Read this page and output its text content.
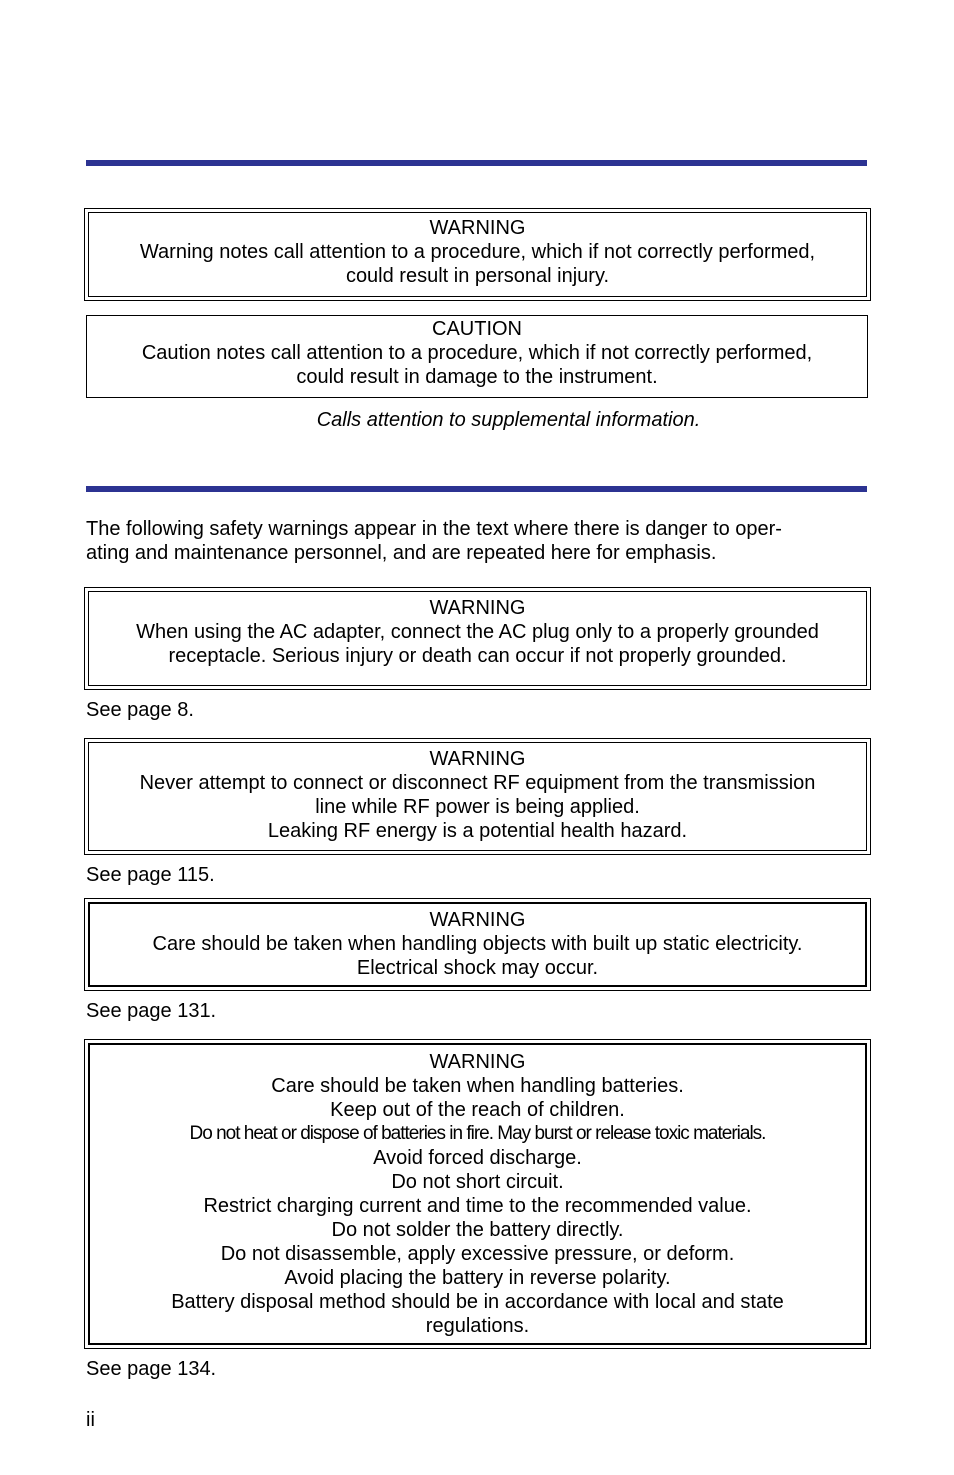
WARNING
Warning notes call attention to a procedure, which if not correctly performed,
could result in personal injury.
CAUTION
Caution notes call attention to a procedure, which if not correctly performed,
could result in damage to the instrument.
Calls attention to supplemental information.
The following safety warnings appear in the text where there is danger to oper-
ating and maintenance personnel, and are repeated here for emphasis.
WARNING
When using the AC adapter, connect the AC plug only to a properly grounded
receptacle. Serious injury or death can occur if not properly grounded.
See page 8.
WARNING
Never attempt to connect or disconnect RF equipment from the transmission
line while RF power is being applied.
Leaking RF energy is a potential health hazard.
See page 115.
WARNING
Care should be taken when handling objects with built up static electricity.
Electrical shock may occur.
See page 131.
WARNING
Care should be taken when handling batteries.
Keep out of the reach of children.
Do not heat or dispose of batteries in fire. May burst or release toxic materials.
Avoid forced discharge.
Do not short circuit.
Restrict charging current and time to the recommended value.
Do not solder the battery directly.
Do not disassemble, apply excessive pressure, or deform.
Avoid placing the battery in reverse polarity.
Battery disposal method should be in accordance with local and state
regulations.
See page 134.
ii
